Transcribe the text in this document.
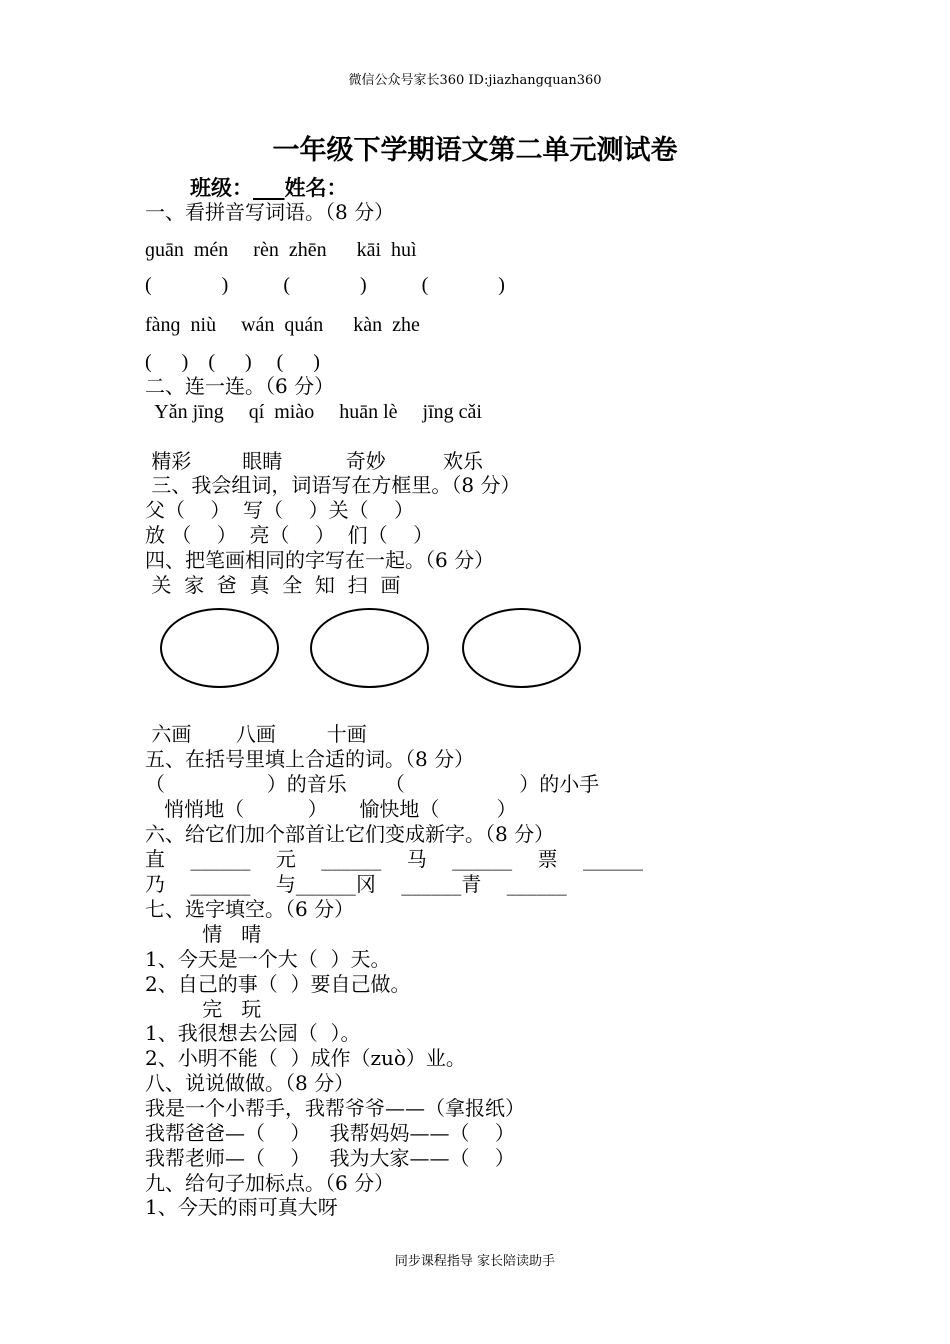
微信公众号家长360 ID:jiazhangquan360
一年级下学期语文第二单元测试卷
班级：___姓名：
一、看拼音写词语。（8 分）
ɡuān  mén     rèn  zhēn      kāi  huì
(              )           (              )           (              )
fànɡ  niù     wán  quán      kàn  zhe
(      )    (      )     (      )
二、连一连。（6 分）
Yǎn jīng     qí  miào     huān lè     jīng cǎi
精彩        眼睛          奇妙         欢乐
三、我会组词，词语写在方框里。（8 分）
父（    ）  写（    ）关（    ）
放 （    ）  亮（    ）  们（    ）
四、把笔画相同的字写在一起。（6 分）
关  家  爸  真  全  知  扫  画
六画       八画        十画
五、在括号里填上合适的词。（8 分）
（                ）的音乐      （                  ）的小手
悄悄地（          ）     愉快地（         ）
六、给它们加个部首让它们变成新字。（8 分）
直    ______    元    ______    马    ______    票    ______
乃    ______    与______冈    ______青    ______
七、选字填空。（6 分）
情   晴
1、今天是一个大（  ）天。
2、自己的事（  ）要自己做。
完   玩
1、我很想去公园（  ）。
2、小明不能（  ）成作（zuò）业。
八、说说做做。（8 分）
我是一个小帮手，我帮爷爷——（拿报纸）
我帮爸爸—（    ）   我帮妈妈——（    ）
我帮老师—（    ）   我为大家——（    ）
九、给句子加标点。（6 分）
1、今天的雨可真大呀
同步课程指导 家长陪读助手
